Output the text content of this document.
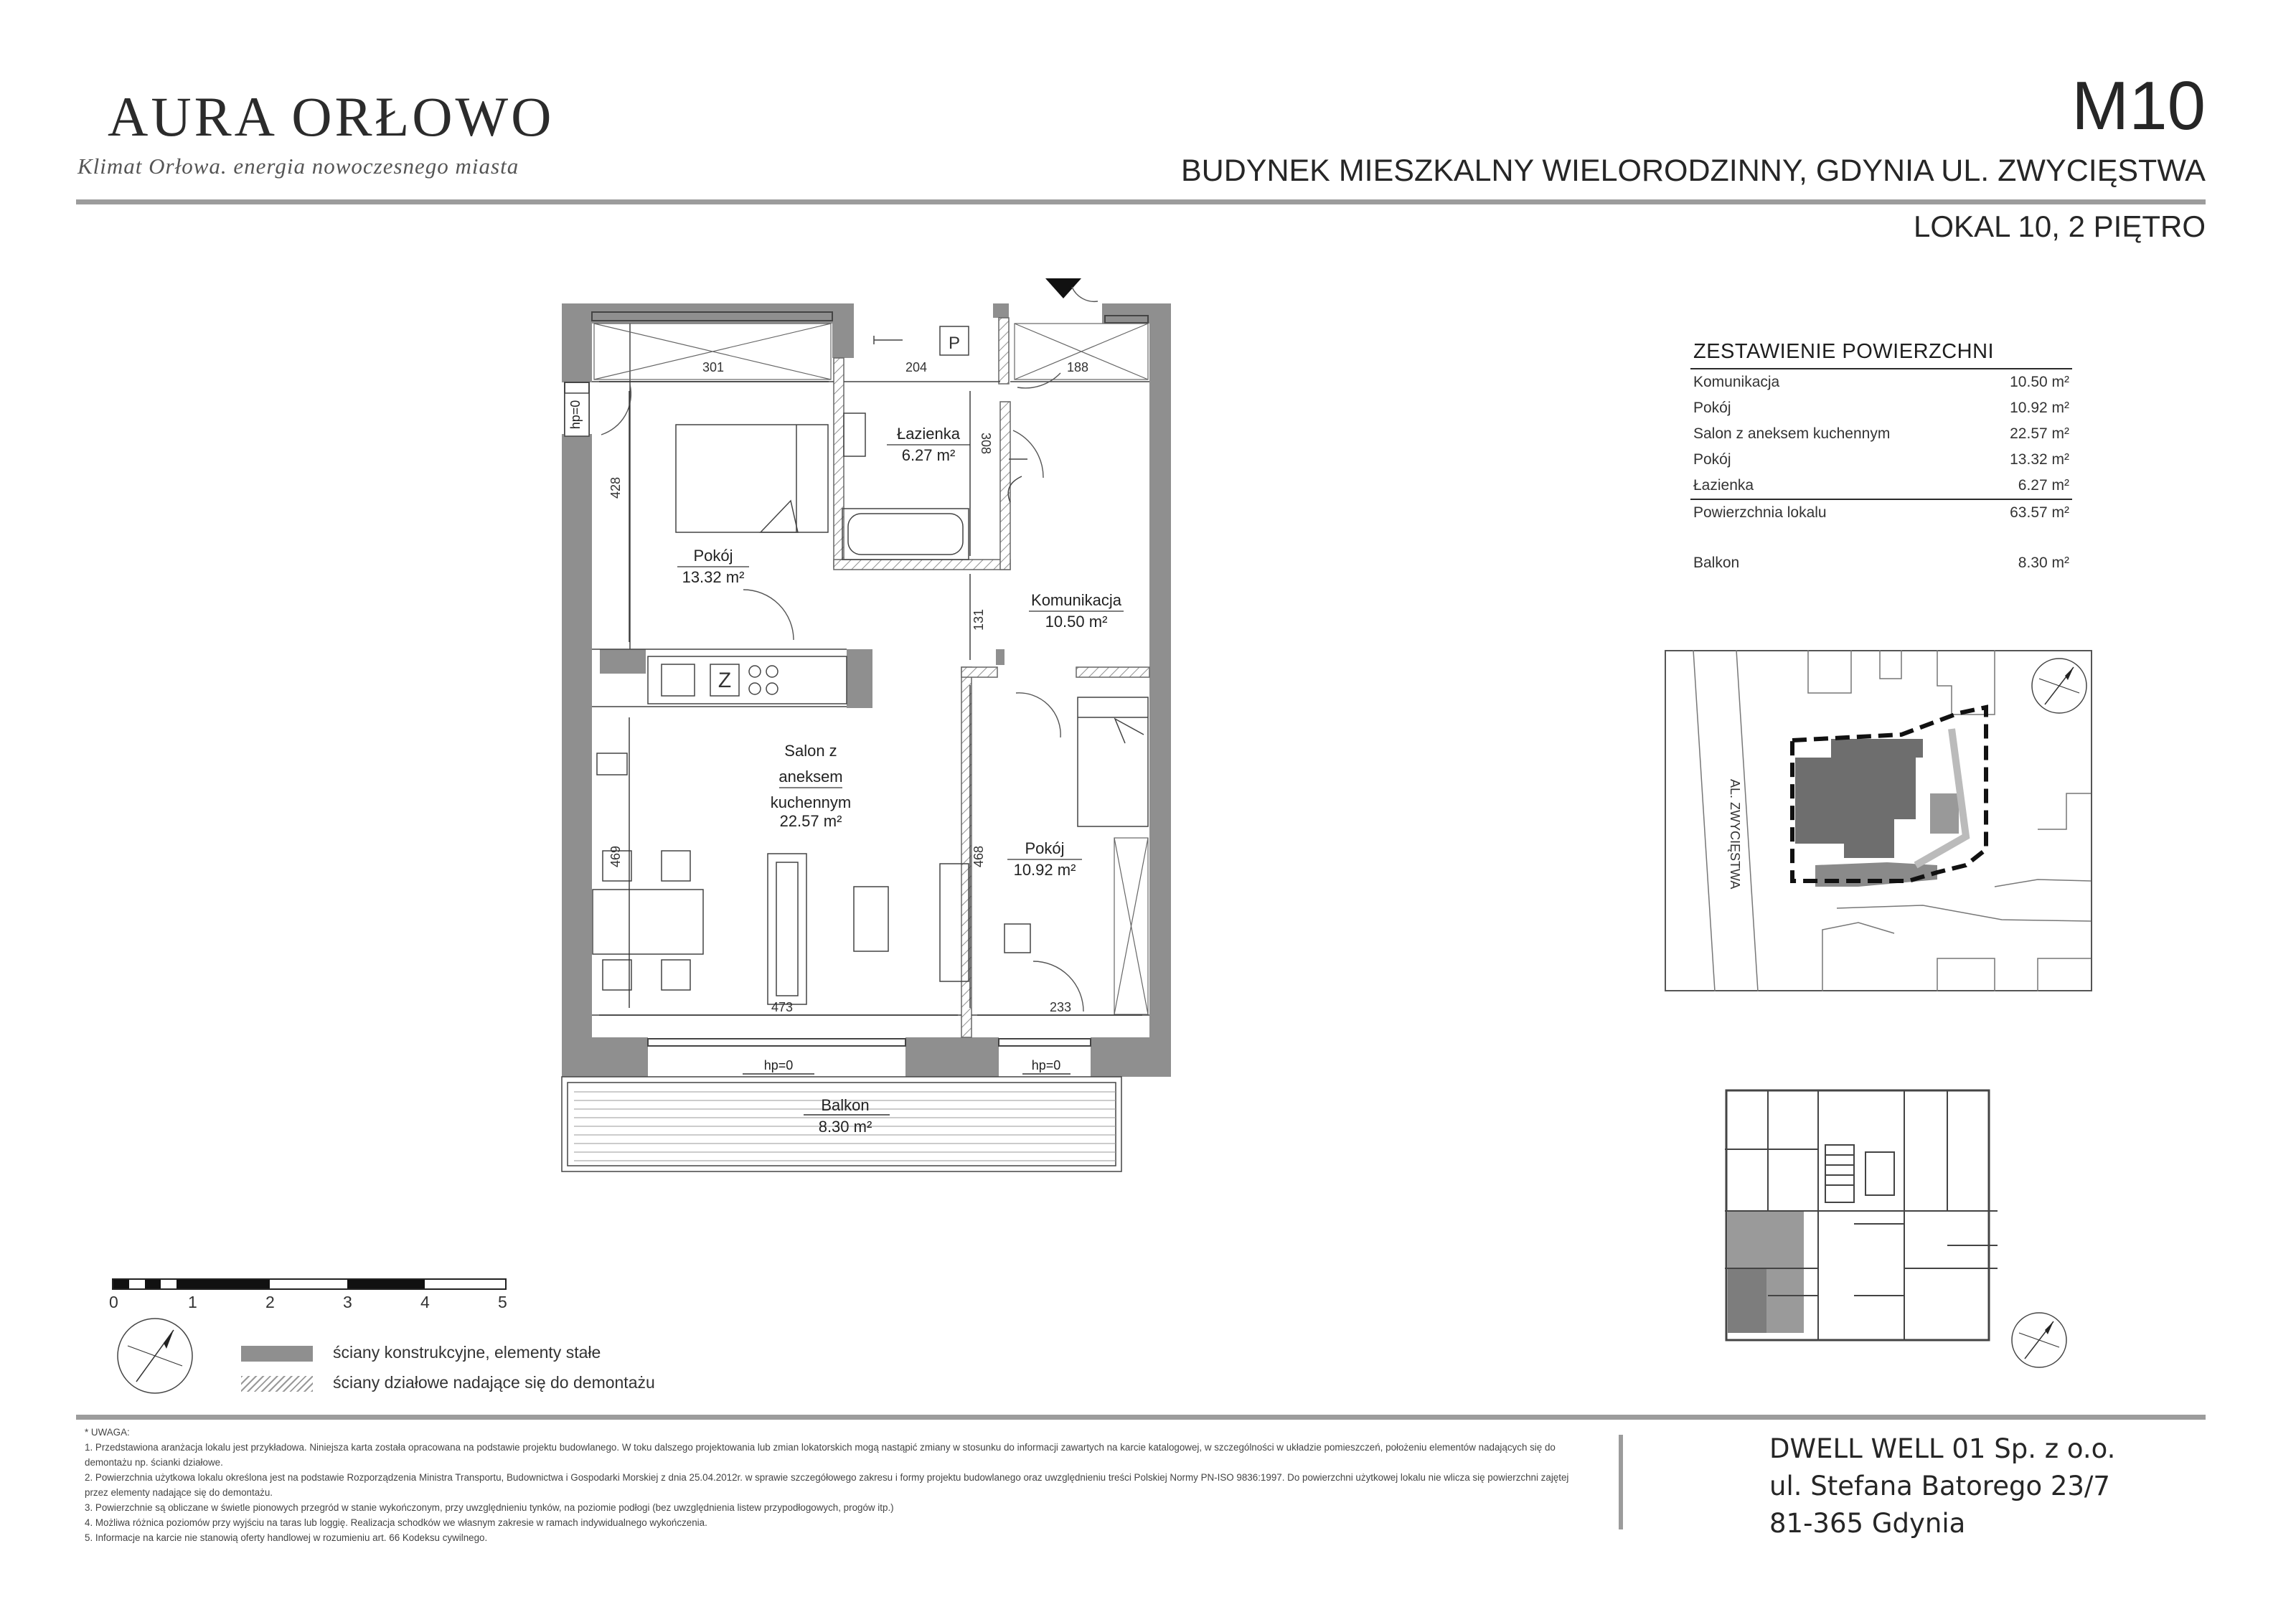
AURA ORŁOWO
Klimat Orłowa. energia nowoczesnego miasta
M10
BUDYNEK MIESZKALNY WIELORODZINNY, GDYNIA UL. ZWYCIĘSTWA
LOKAL 10, 2 PIĘTRO
P
Z
301	204	188
308
428
131
469	468
473	233
hp=0
hp=0	hp=0
Łazienka
6.27 m²
Pokój
13.32 m²
Komunikacja
10.50 m²
Salon z
aneksem
kuchennym
22.57 m²
Pokój
10.92 m²
Balkon
8.30 m²
ZESTAWIENIE POWIERZCHNI
Komunikacja	10.50 m²
Pokój	10.92 m²
Salon z aneksem kuchennym	22.57 m²
Pokój	13.32 m²
Łazienka	6.27 m²
Powierzchnia lokalu	63.57 m²
Balkon	8.30 m²
AL. ZWYCIĘSTWA
0	1	2	3	4	5
ściany konstrukcyjne, elementy stałe
ściany działowe nadające się do demontażu

* UWAGA:

1. Przedstawiona aranżacja lokalu jest przykładowa. Niniejsza karta została opracowana na podstawie projektu budowlanego. W toku dalszego projektowania lub zmian lokatorskich mogą nastąpić zmiany w stosunku do informacji zawartych na karcie katalogowej, w szczególności w układzie pomieszczeń, położeniu elementów nadających się do demontażu np. ścianki działowe.

2. Powierzchnia użytkowa lokalu określona jest na podstawie Rozporządzenia Ministra Transportu, Budownictwa i Gospodarki Morskiej z dnia 25.04.2012r. w sprawie szczegółowego zakresu i formy projektu budowlanego oraz uwzględnieniu treści Polskiej Normy PN-ISO 9836:1997. Do powierzchni użytkowej lokalu nie wlicza się powierzchni zajętej przez elementy nadające się do demontażu.

3. Powierzchnie są obliczane w świetle pionowych przegród w stanie wykończonym, przy uwzględnieniu tynków, na poziomie podłogi (bez uwzględnienia listew przypodłogowych, progów itp.)

4. Możliwa różnica poziomów przy wyjściu na taras lub loggię. Realizacja schodków we własnym zakresie w ramach indywidualnego wykończenia.

5. Informacje na karcie nie stanowią oferty handlowej w rozumieniu art. 66 Kodeksu cywilnego.

DWELL WELL 01 Sp. z o.o.
ul. Stefana Batorego 23/7
81-365 Gdynia
